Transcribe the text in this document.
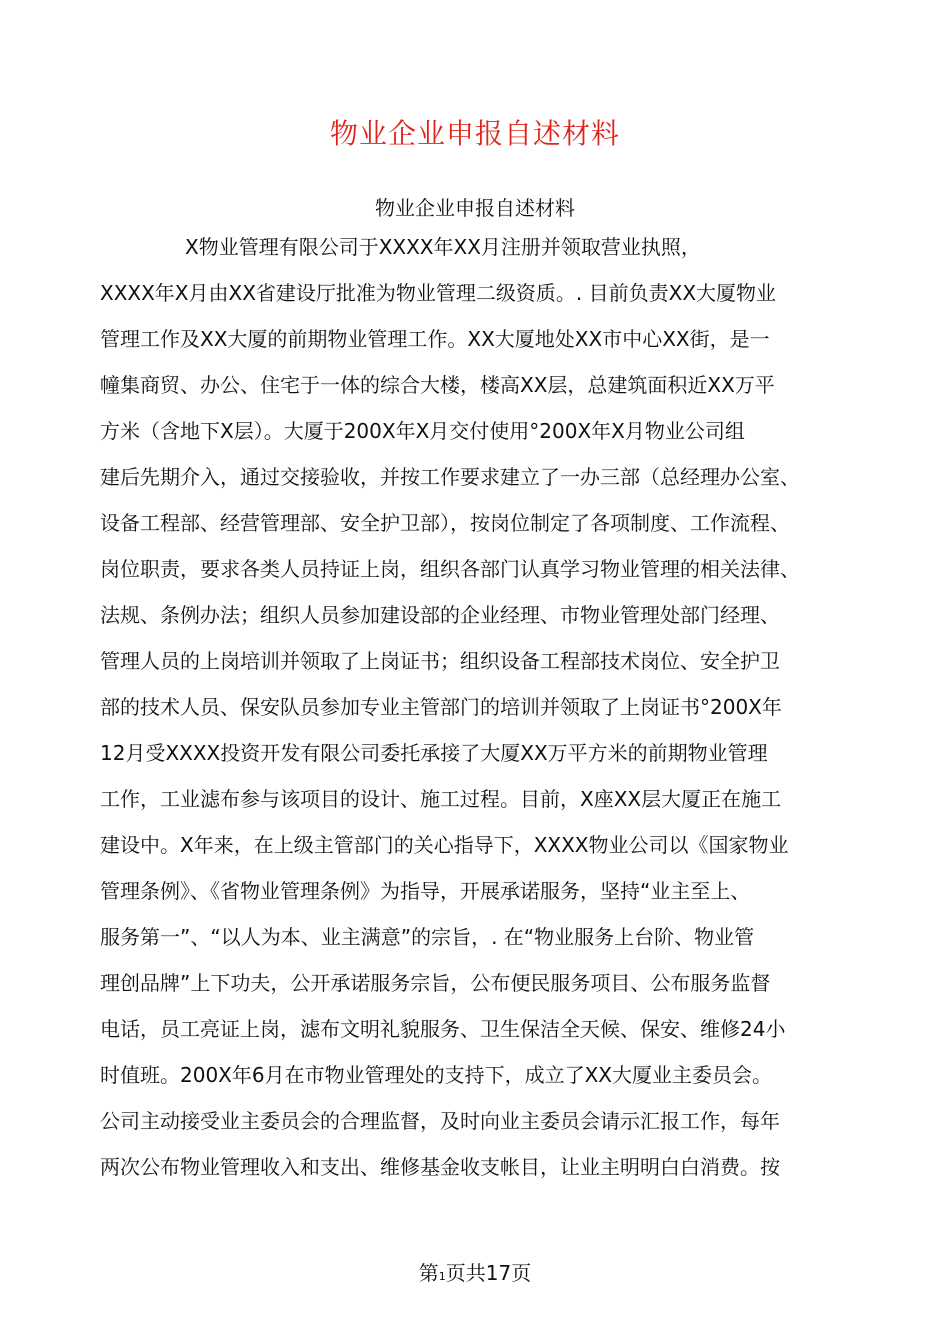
物业企业申报自述材料
物业企业申报自述材料
X物业管理有限公司于XXXX年XX月注册并领取营业执照，
XXXX年X月由XX省建设厅批准为物业管理二级资质。. 目前负责XX大厦物业
管理工作及XX大厦的前期物业管理工作。XX大厦地处XX市中心XX街，是一
幢集商贸、办公、住宅于一体的综合大楼，楼高XX层，总建筑面积近XX万平
方米（含地下X层）。大厦于200X年X月交付使用°200X年X月物业公司组
建后先期介入，通过交接验收，并按工作要求建立了一办三部（总经理办公室、
设备工程部、经营管理部、安全护卫部），按岗位制定了各项制度、工作流程、
岗位职责，要求各类人员持证上岗，组织各部门认真学习物业管理的相关法律、
法规、条例办法；组织人员参加建设部的企业经理、市物业管理处部门经理、
管理人员的上岗培训并领取了上岗证书；组织设备工程部技术岗位、安全护卫
部的技术人员、保安队员参加专业主管部门的培训并领取了上岗证书°200X年
12月受XXXX投资开发有限公司委托承接了大厦XX万平方米的前期物业管理
工作，工业滤布参与该项目的设计、施工过程。目前，X座XX层大厦正在施工
建设中。X年来，在上级主管部门的关心指导下，XXXX物业公司以《国家物业
管理条例》、《省物业管理条例》为指导，开展承诺服务，坚持“业主至上、
服务第一”、“以人为本、业主满意”的宗旨，. 在“物业服务上台阶、物业管
理创品牌”上下功夫，公开承诺服务宗旨，公布便民服务项目、公布服务监督
电话，员工亮证上岗，滤布文明礼貌服务、卫生保洁全天候、保安、维修24小
时值班。200X年6月在市物业管理处的支持下，成立了XX大厦业主委员会。
公司主动接受业主委员会的合理监督，及时向业主委员会请示汇报工作，每年
两次公布物业管理收入和支出、维修基金收支帐目，让业主明明白白消费。按
第1页共17页
